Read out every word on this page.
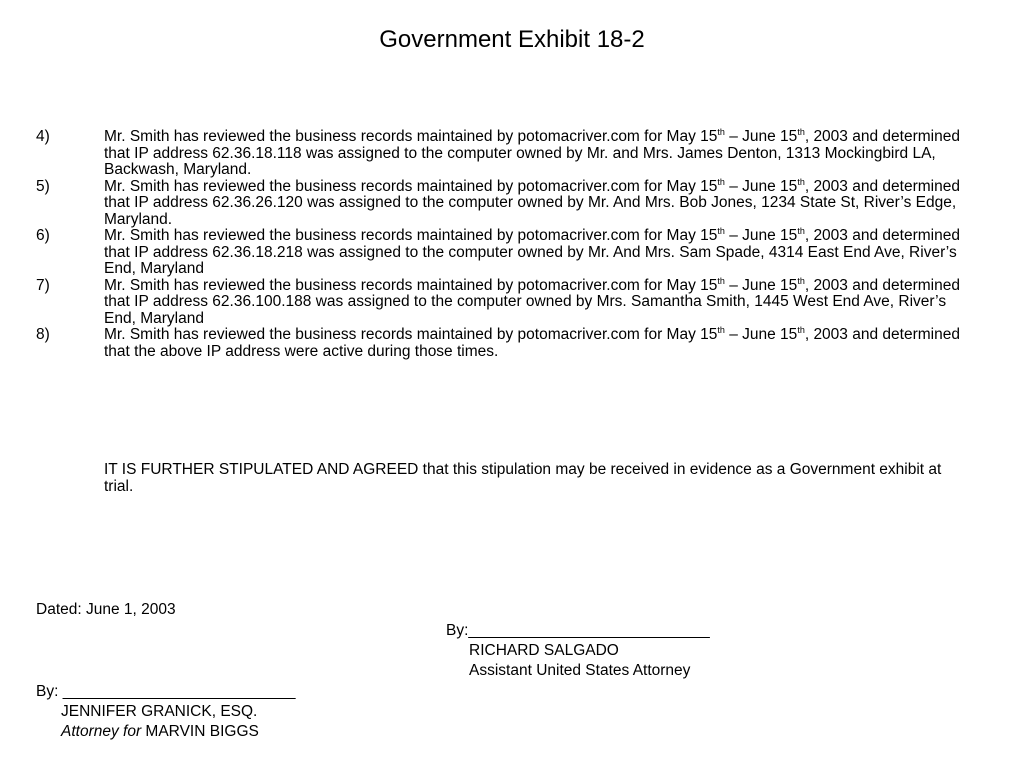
Government Exhibit 18-2
4)	Mr. Smith has reviewed the business records maintained by potomacriver.com for May 15th – June 15th, 2003 and determined that IP address 62.36.18.118 was assigned to the computer owned by Mr. and Mrs. James Denton, 1313 Mockingbird LA, Backwash, Maryland.
5)	Mr. Smith has reviewed the business records maintained by potomacriver.com for May 15th – June 15th, 2003 and determined that IP address 62.36.26.120 was assigned to the computer owned by Mr. And Mrs. Bob Jones, 1234 State St, River’s Edge, Maryland.
6)	Mr. Smith has reviewed the business records maintained by potomacriver.com for May 15th – June 15th, 2003 and determined that IP address 62.36.18.218 was assigned to the computer owned by Mr. And Mrs. Sam Spade, 4314 East End Ave, River’s End, Maryland
7)	Mr. Smith has reviewed the business records maintained by potomacriver.com for May 15th – June 15th, 2003 and determined that IP address 62.36.100.188 was assigned to the computer owned by Mrs. Samantha Smith, 1445 West End Ave, River’s End, Maryland
8)	Mr. Smith has reviewed the business records maintained by potomacriver.com for May 15th – June 15th, 2003 and determined that the above IP address were active during those times.

IT IS FURTHER STIPULATED AND AGREED that this stipulation may be received in evidence as a Government exhibit at trial.

Dated: June 1, 2003
By:____________________________
RICHARD SALGADO
Assistant United States Attorney
By: ___________________________
JENNIFER GRANICK, ESQ.
Attorney for MARVIN BIGGS
